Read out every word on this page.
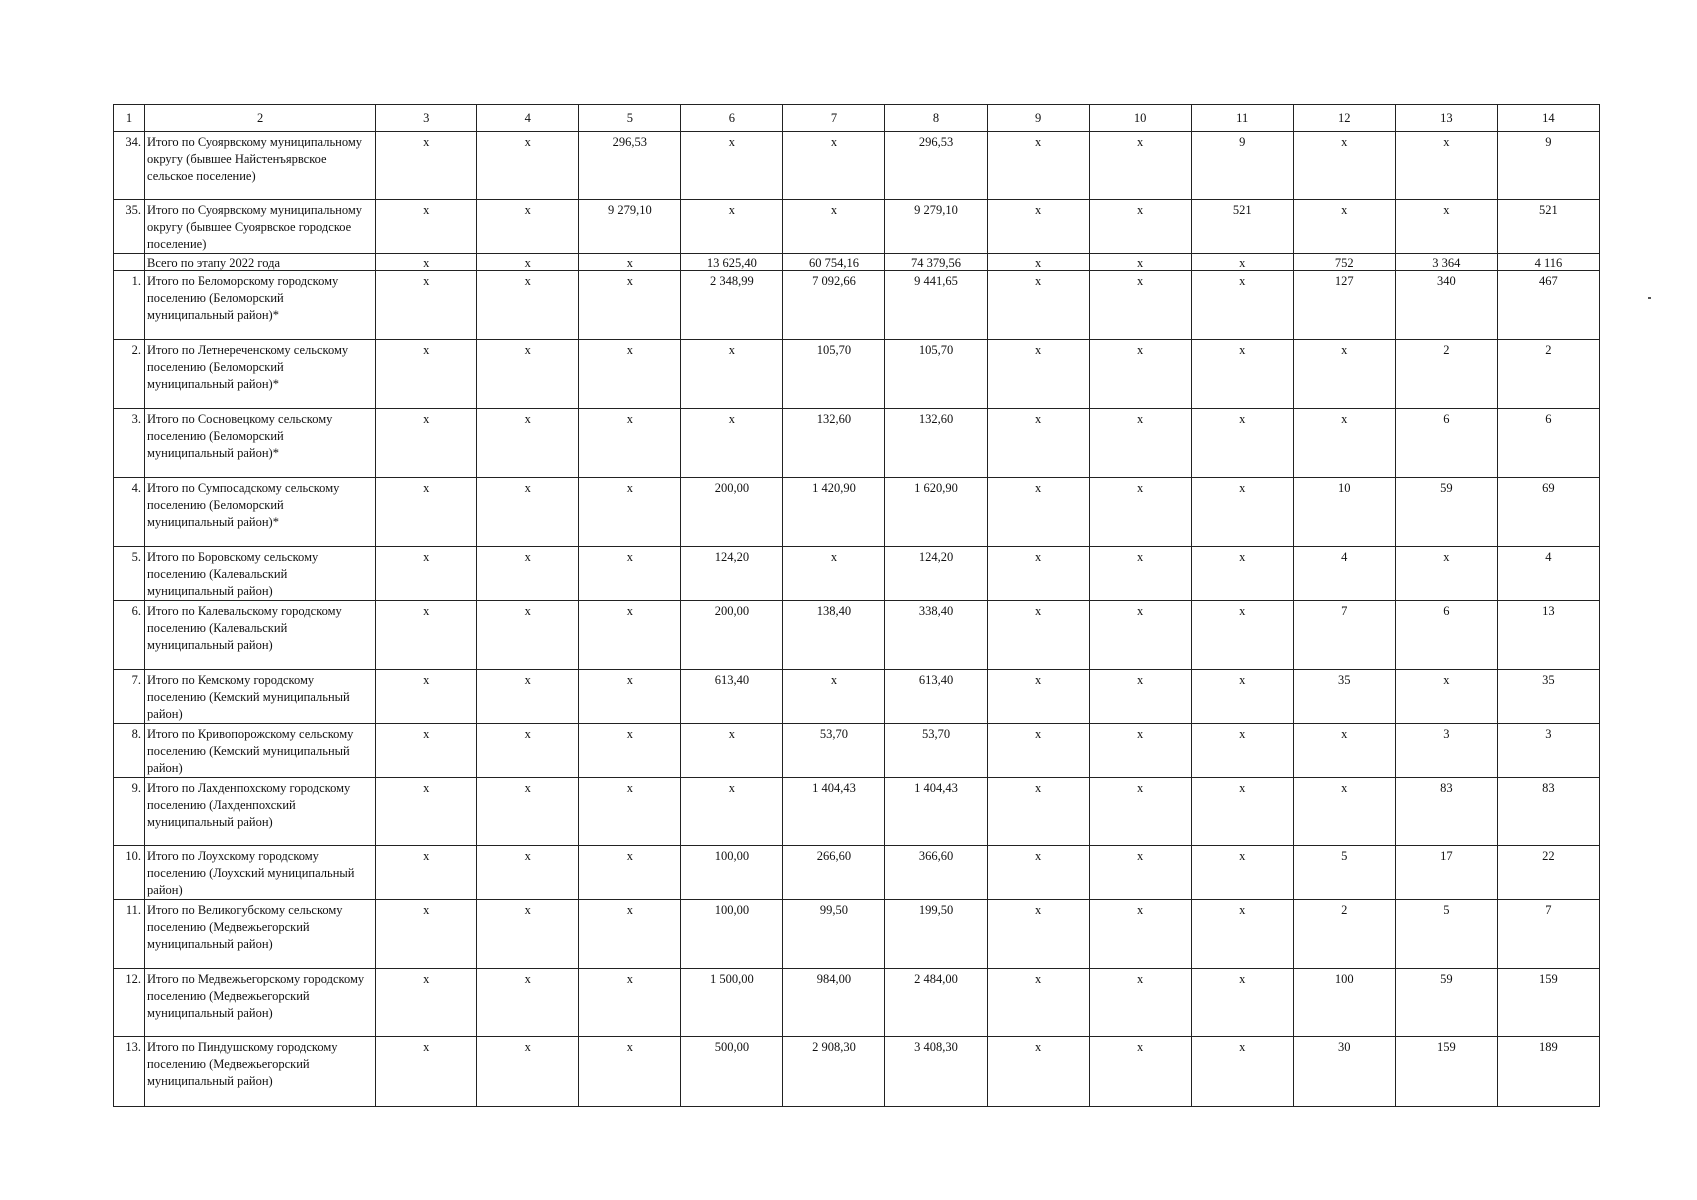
1	2	3	4	5	6	7	8	9	10	11	12	13	14
34.	Итого по Суоярвскому муниципальному округу (бывшее Найстенъярвское сельское поселение)	x	x	296,53	x	x	296,53	x	x	9	x	x	9
35.	Итого по Суоярвскому муниципальному округу (бывшее Суоярвское городское поселение)	x	x	9 279,10	x	x	9 279,10	x	x	521	x	x	521
	Всего по этапу 2022 года	x	x	x	13 625,40	60 754,16	74 379,56	x	x	x	752	3 364	4 116
1.	Итого по Беломорскому городскому поселению (Беломорский муниципальный район)*	x	x	x	2 348,99	7 092,66	9 441,65	x	x	x	127	340	467
2.	Итого по Летнереченскому сельскому поселению (Беломорский муниципальный район)*	x	x	x	x	105,70	105,70	x	x	x	x	2	2
3.	Итого по Сосновецкому сельскому поселению (Беломорский муниципальный район)*	x	x	x	x	132,60	132,60	x	x	x	x	6	6
4.	Итого по Сумпосадскому сельскому поселению (Беломорский муниципальный район)*	x	x	x	200,00	1 420,90	1 620,90	x	x	x	10	59	69
5.	Итого по Боровскому сельскому поселению (Калевальский муниципальный район)	x	x	x	124,20	x	124,20	x	x	x	4	x	4
6.	Итого по Калевальскому городскому поселению (Калевальский муниципальный район)	x	x	x	200,00	138,40	338,40	x	x	x	7	6	13
7.	Итого по Кемскому городскому поселению (Кемский муниципальный район)	x	x	x	613,40	x	613,40	x	x	x	35	x	35
8.	Итого по Кривопорожскому сельскому поселению (Кемский муниципальный район)	x	x	x	x	53,70	53,70	x	x	x	x	3	3
9.	Итого по Лахденпохскому городскому поселению (Лахденпохский муниципальный район)	x	x	x	x	1 404,43	1 404,43	x	x	x	x	83	83
10.	Итого по Лоухскому городскому поселению (Лоухский муниципальный район)	x	x	x	100,00	266,60	366,60	x	x	x	5	17	22
11.	Итого по Великогубскому сельскому поселению (Медвежьегорский муниципальный район)	x	x	x	100,00	99,50	199,50	x	x	x	2	5	7
12.	Итого по Медвежьегорскому городскому поселению (Медвежьегорский муниципальный район)	x	x	x	1 500,00	984,00	2 484,00	x	x	x	100	59	159
13.	Итого по Пиндушскому городскому поселению (Медвежьегорский муниципальный район)	x	x	x	500,00	2 908,30	3 408,30	x	x	x	30	159	189
